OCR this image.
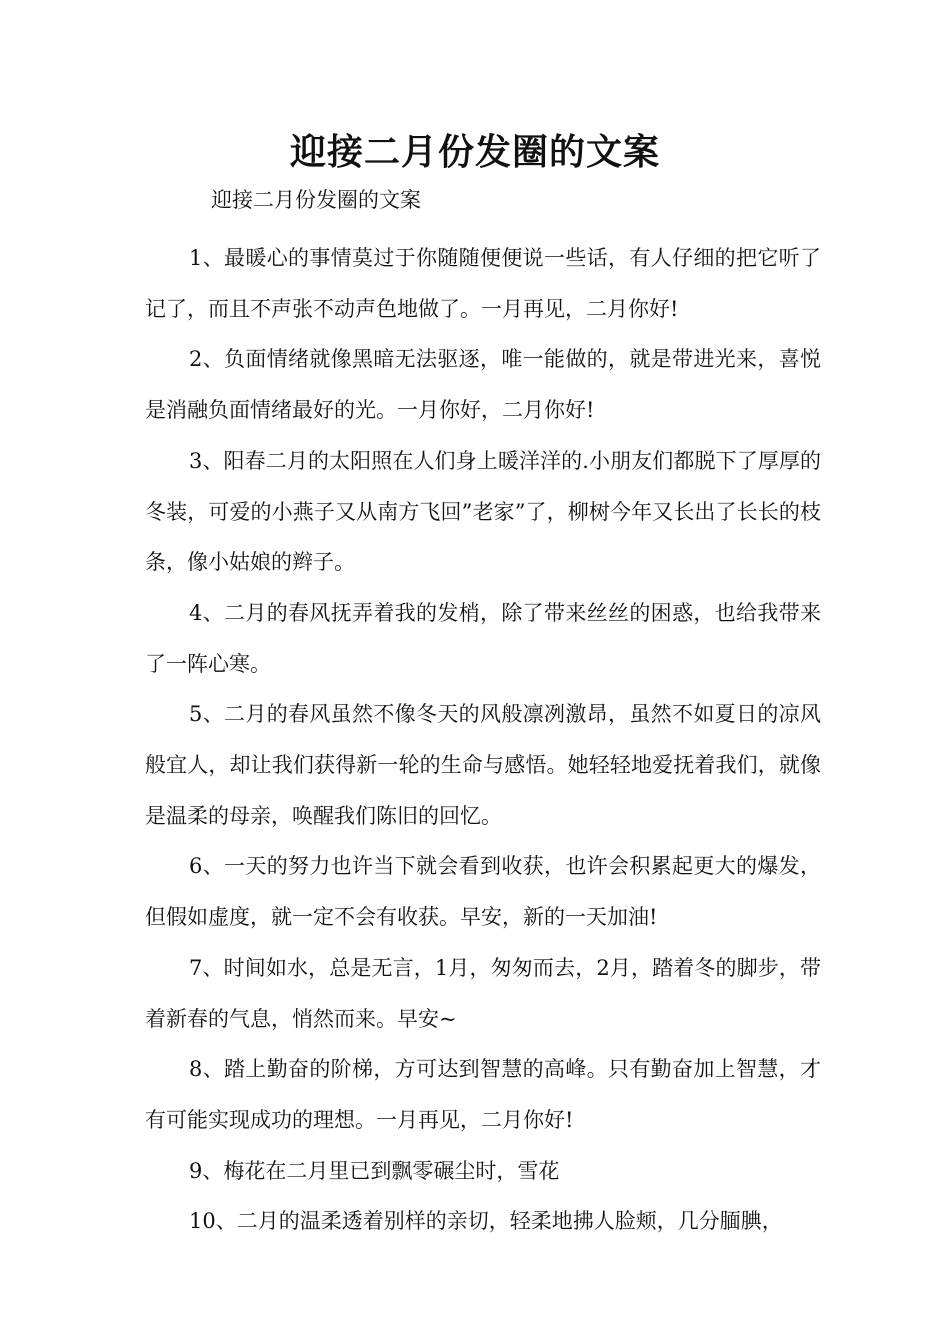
迎接二月份发圈的文案

迎接二月份发圈的文案

1、最暖心的事情莫过于你随随便便说一些话，有人仔细的把它听了记了，而且不声张不动声色地做了。一月再见，二月你好!

2、负面情绪就像黑暗无法驱逐，唯一能做的，就是带进光来，喜悦是消融负面情绪最好的光。一月你好，二月你好!

3、阳春二月的太阳照在人们身上暖洋洋的.小朋友们都脱下了厚厚的冬装，可爱的小燕子又从南方飞回”老家”了，柳树今年又长出了长长的枝条，像小姑娘的辫子。

4、二月的春风抚弄着我的发梢，除了带来丝丝的困惑，也给我带来了一阵心寒。

5、二月的春风虽然不像冬天的风般凛冽激昂，虽然不如夏日的凉风般宜人，却让我们获得新一轮的生命与感悟。她轻轻地爱抚着我们，就像是温柔的母亲，唤醒我们陈旧的回忆。

6、一天的努力也许当下就会看到收获，也许会积累起更大的爆发，但假如虚度，就一定不会有收获。早安，新的一天加油!

7、时间如水，总是无言，1月，匆匆而去，2月，踏着冬的脚步，带着新春的气息，悄然而来。早安~

8、踏上勤奋的阶梯，方可达到智慧的高峰。只有勤奋加上智慧，才有可能实现成功的理想。一月再见，二月你好!

9、梅花在二月里已到飘零碾尘时，雪花

10、二月的温柔透着别样的亲切，轻柔地拂人脸颊，几分腼腆，
